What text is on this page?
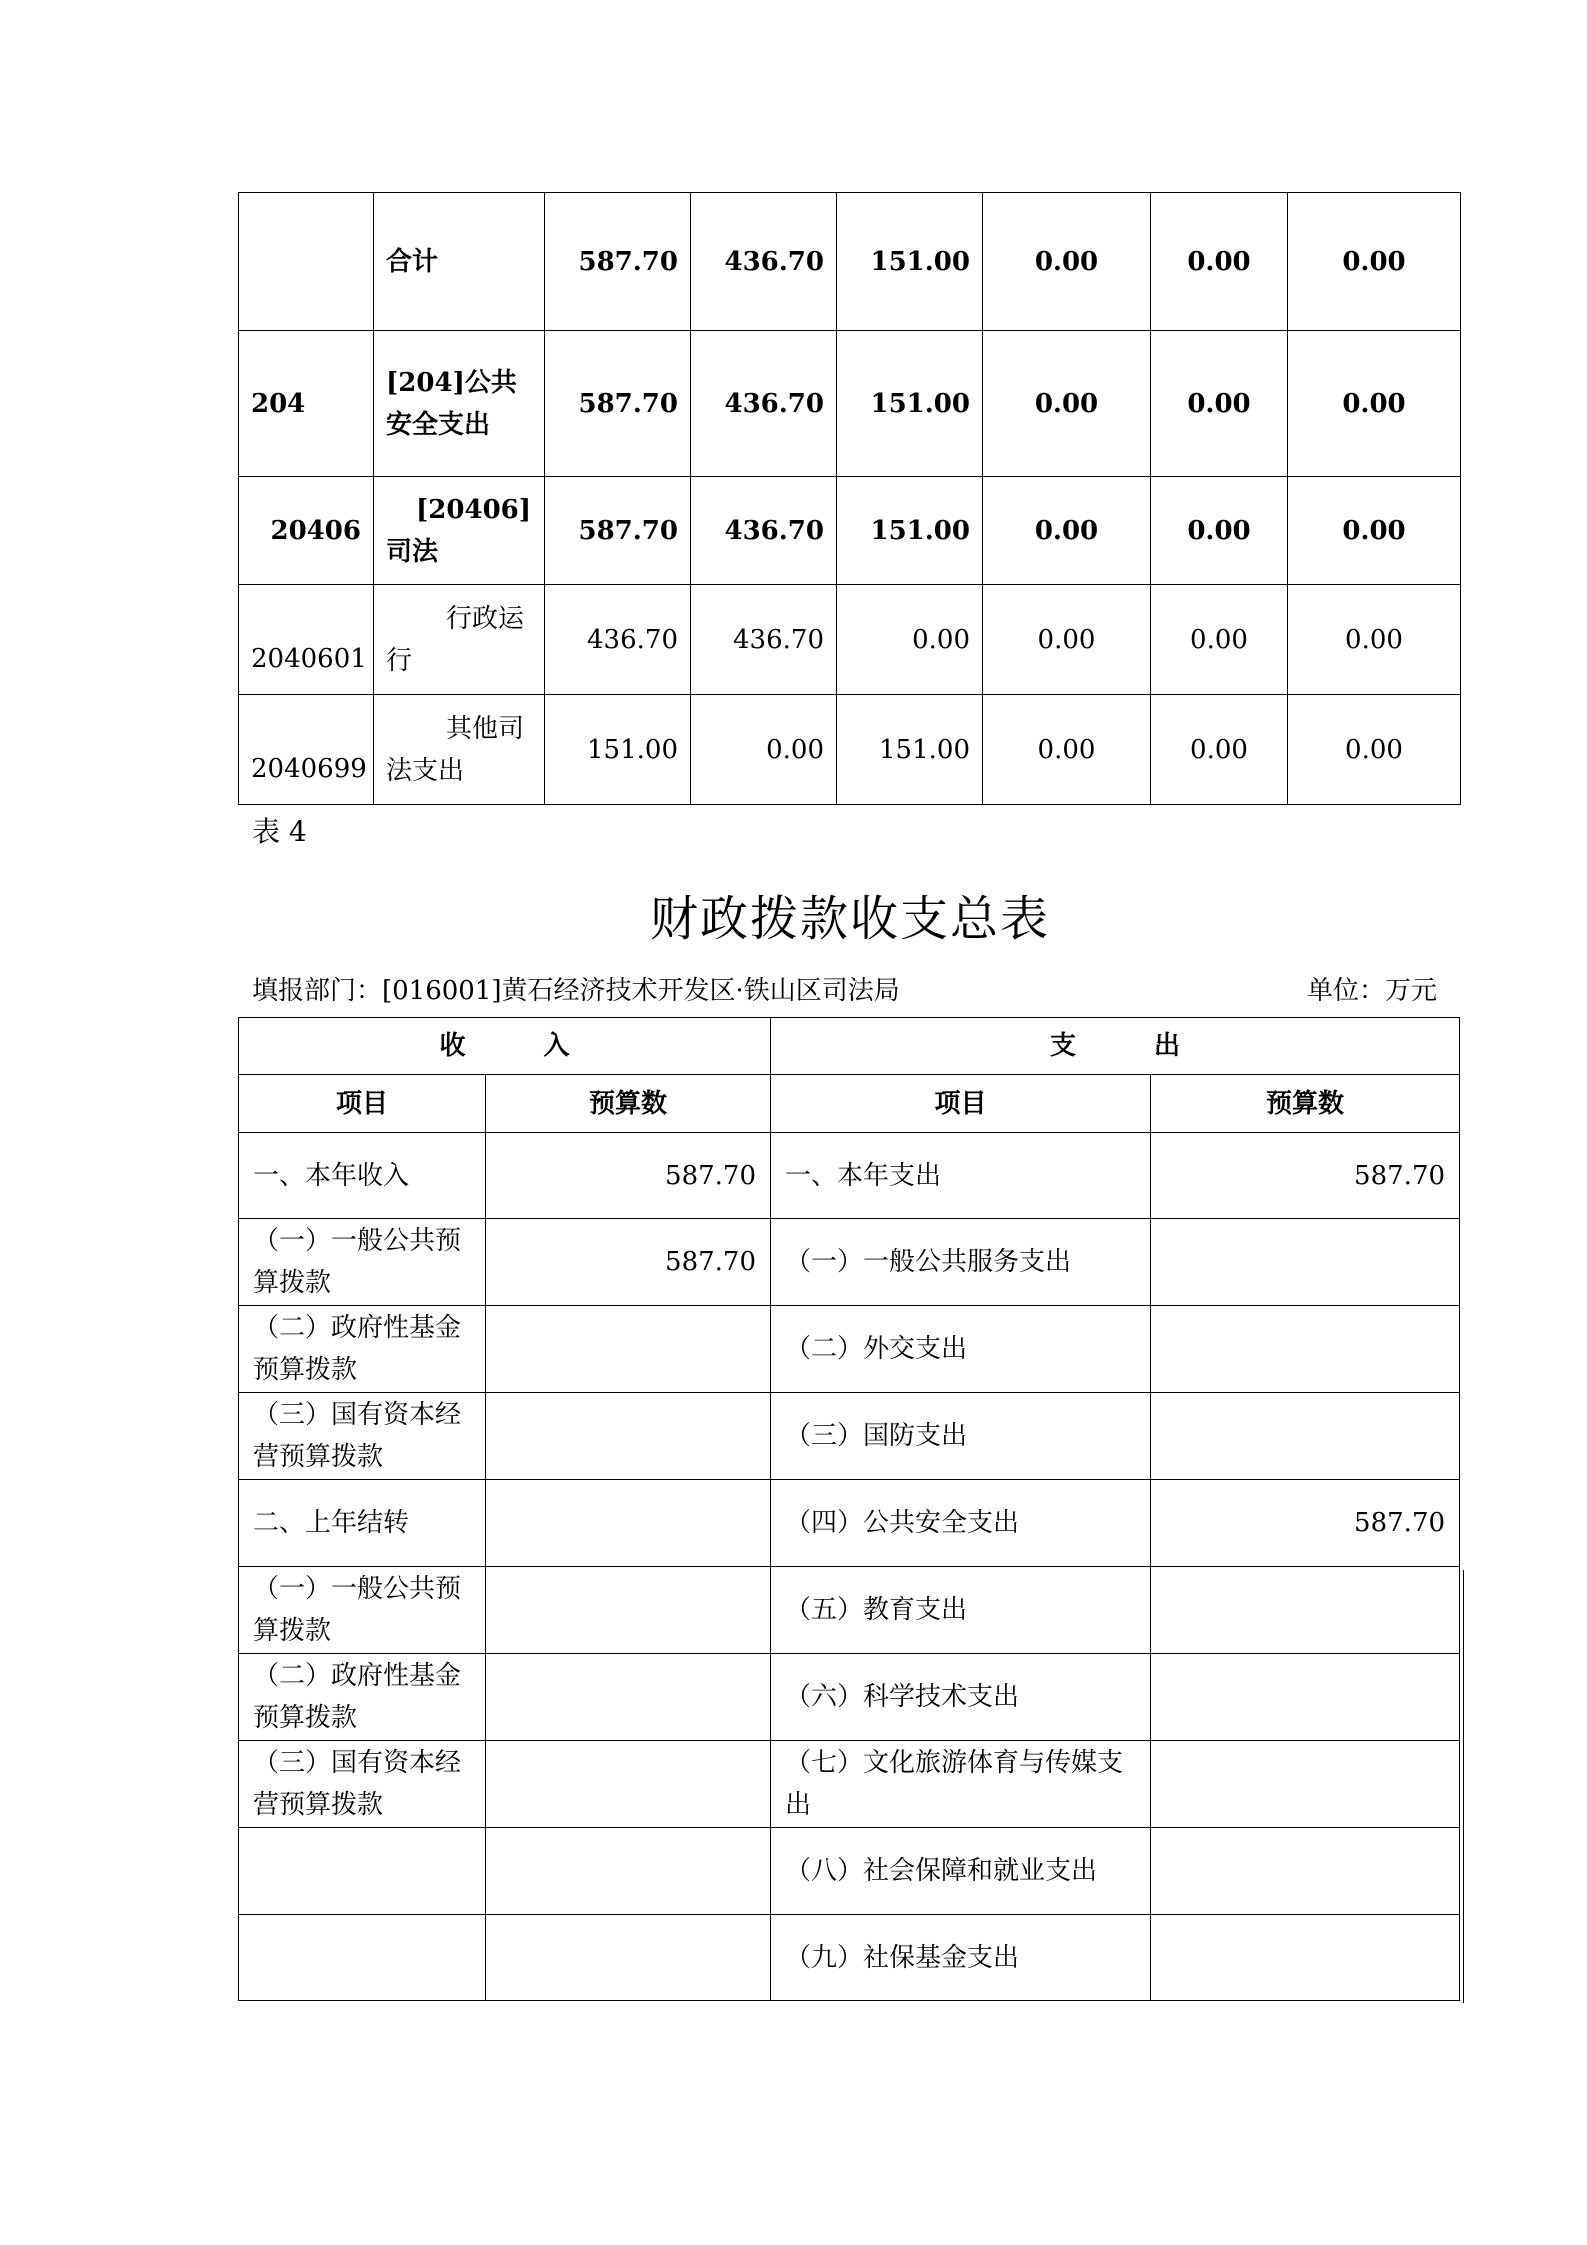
	合计	587.70	436.70	151.00	0.00	0.00	0.00
204	[204]公共安全支出	587.70	436.70	151.00	0.00	0.00	0.00
20406	[20406]司法	587.70	436.70	151.00	0.00	0.00	0.00
2040601	行政运行	436.70	436.70	0.00	0.00	0.00	0.00
2040699	其他司法支出	151.00	0.00	151.00	0.00	0.00	0.00
表 4
财政拨款收支总表
填报部门：[016001]黄石经济技术开发区·铁山区司法局	单位：万元
收　　　入		支　　　出	
项目	预算数	项目	预算数
一、本年收入	587.70	一、本年支出	587.70
（一）一般公共预算拨款	587.70	（一）一般公共服务支出	
（二）政府性基金预算拨款		（二）外交支出	
（三）国有资本经营预算拨款		（三）国防支出	
二、上年结转		（四）公共安全支出	587.70
（一）一般公共预算拨款		（五）教育支出	
（二）政府性基金预算拨款		（六）科学技术支出	
（三）国有资本经营预算拨款		（七）文化旅游体育与传媒支出	
		（八）社会保障和就业支出	
		（九）社保基金支出	
